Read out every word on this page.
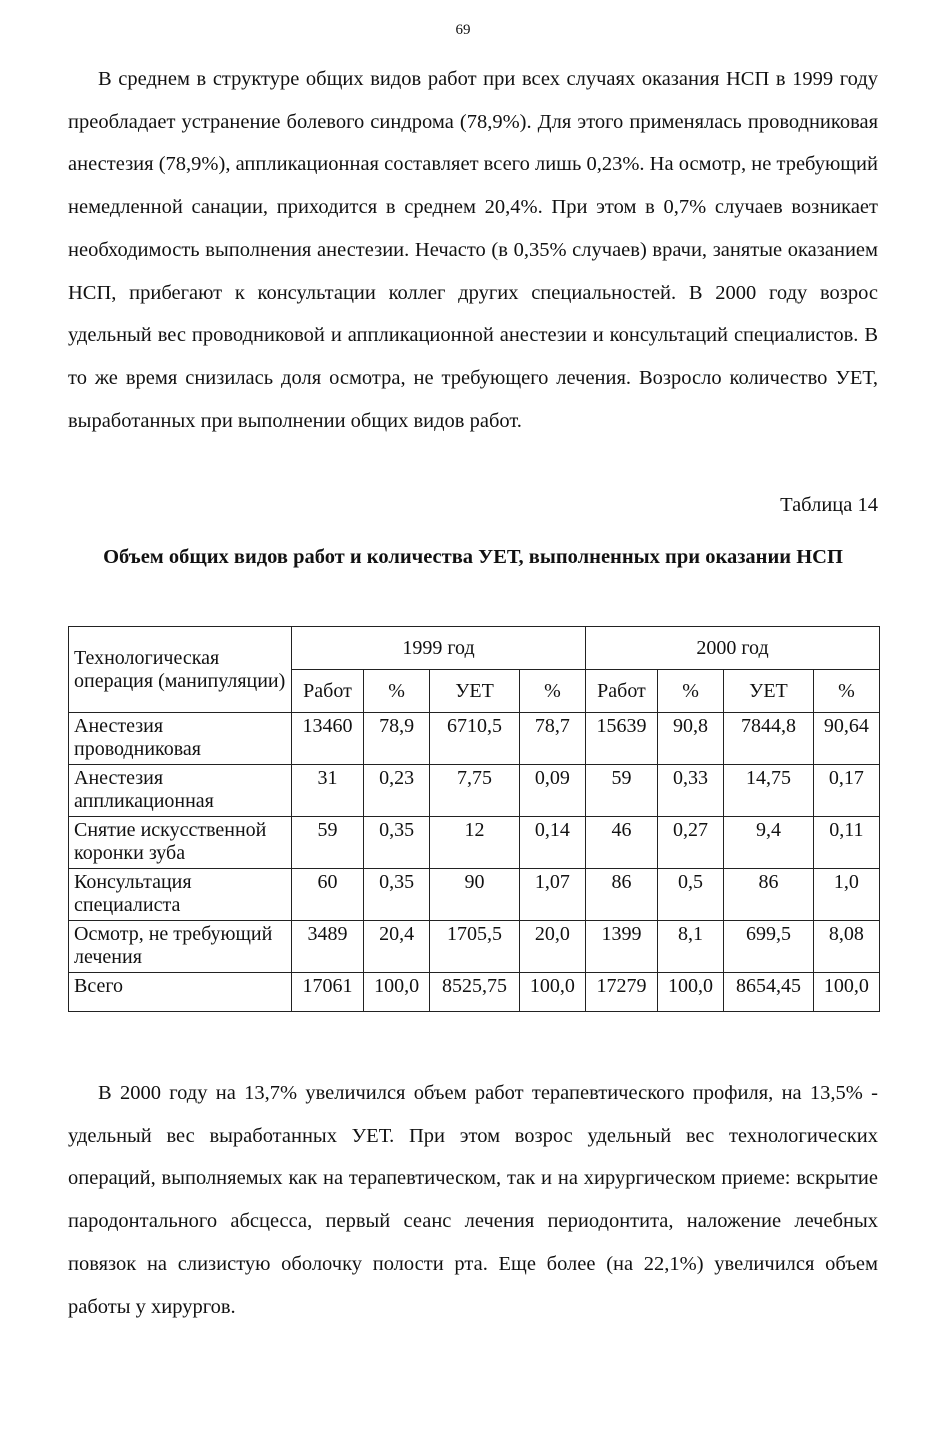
69

В среднем в структуре общих видов работ при всех случаях оказания НСП в 1999 году преобладает устранение болевого синдрома (78,9%). Для этого применялась проводниковая анестезия (78,9%), аппликационная составляет всего лишь 0,23%. На осмотр, не требующий немедленной санации, приходится в среднем 20,4%. При этом в 0,7% случаев возникает необходимость выполнения анестезии. Нечасто (в 0,35% случаев) врачи, занятые оказанием НСП, прибегают к консультации коллег других специальностей. В 2000 году возрос удельный вес проводниковой и аппликационной анестезии и консультаций специалистов. В то же время снизилась доля осмотра, не требующего лечения. Возросло количество УЕТ, выработанных при выполнении общих видов работ.

Таблица 14

Объем общих видов работ и количества УЕТ, выполненных при оказании НСП

Технологическая операция (манипуляции)	1999 год				2000 год			
	Работ	%	УЕТ	%	Работ	%	УЕТ	%
Анестезия проводниковая	13460	78,9	6710,5	78,7	15639	90,8	7844,8	90,64
Анестезия аппликационная	31	0,23	7,75	0,09	59	0,33	14,75	0,17
Снятие искусственной коронки зуба	59	0,35	12	0,14	46	0,27	9,4	0,11
Консультация специалиста	60	0,35	90	1,07	86	0,5	86	1,0
Осмотр, не требующий лечения	3489	20,4	1705,5	20,0	1399	8,1	699,5	8,08
Всего	17061	100,0	8525,75	100,0	17279	100,0	8654,45	100,0

В 2000 году на 13,7% увеличился объем работ терапевтического профиля, на 13,5% - удельный вес выработанных УЕТ. При этом возрос удельный вес технологических операций, выполняемых как на терапевтическом, так и на хирургическом приеме: вскрытие пародонтального абсцесса, первый сеанс лечения периодонтита, наложение лечебных повязок на слизистую оболочку полости рта. Еще более (на 22,1%) увеличился объем работы у хирургов.
